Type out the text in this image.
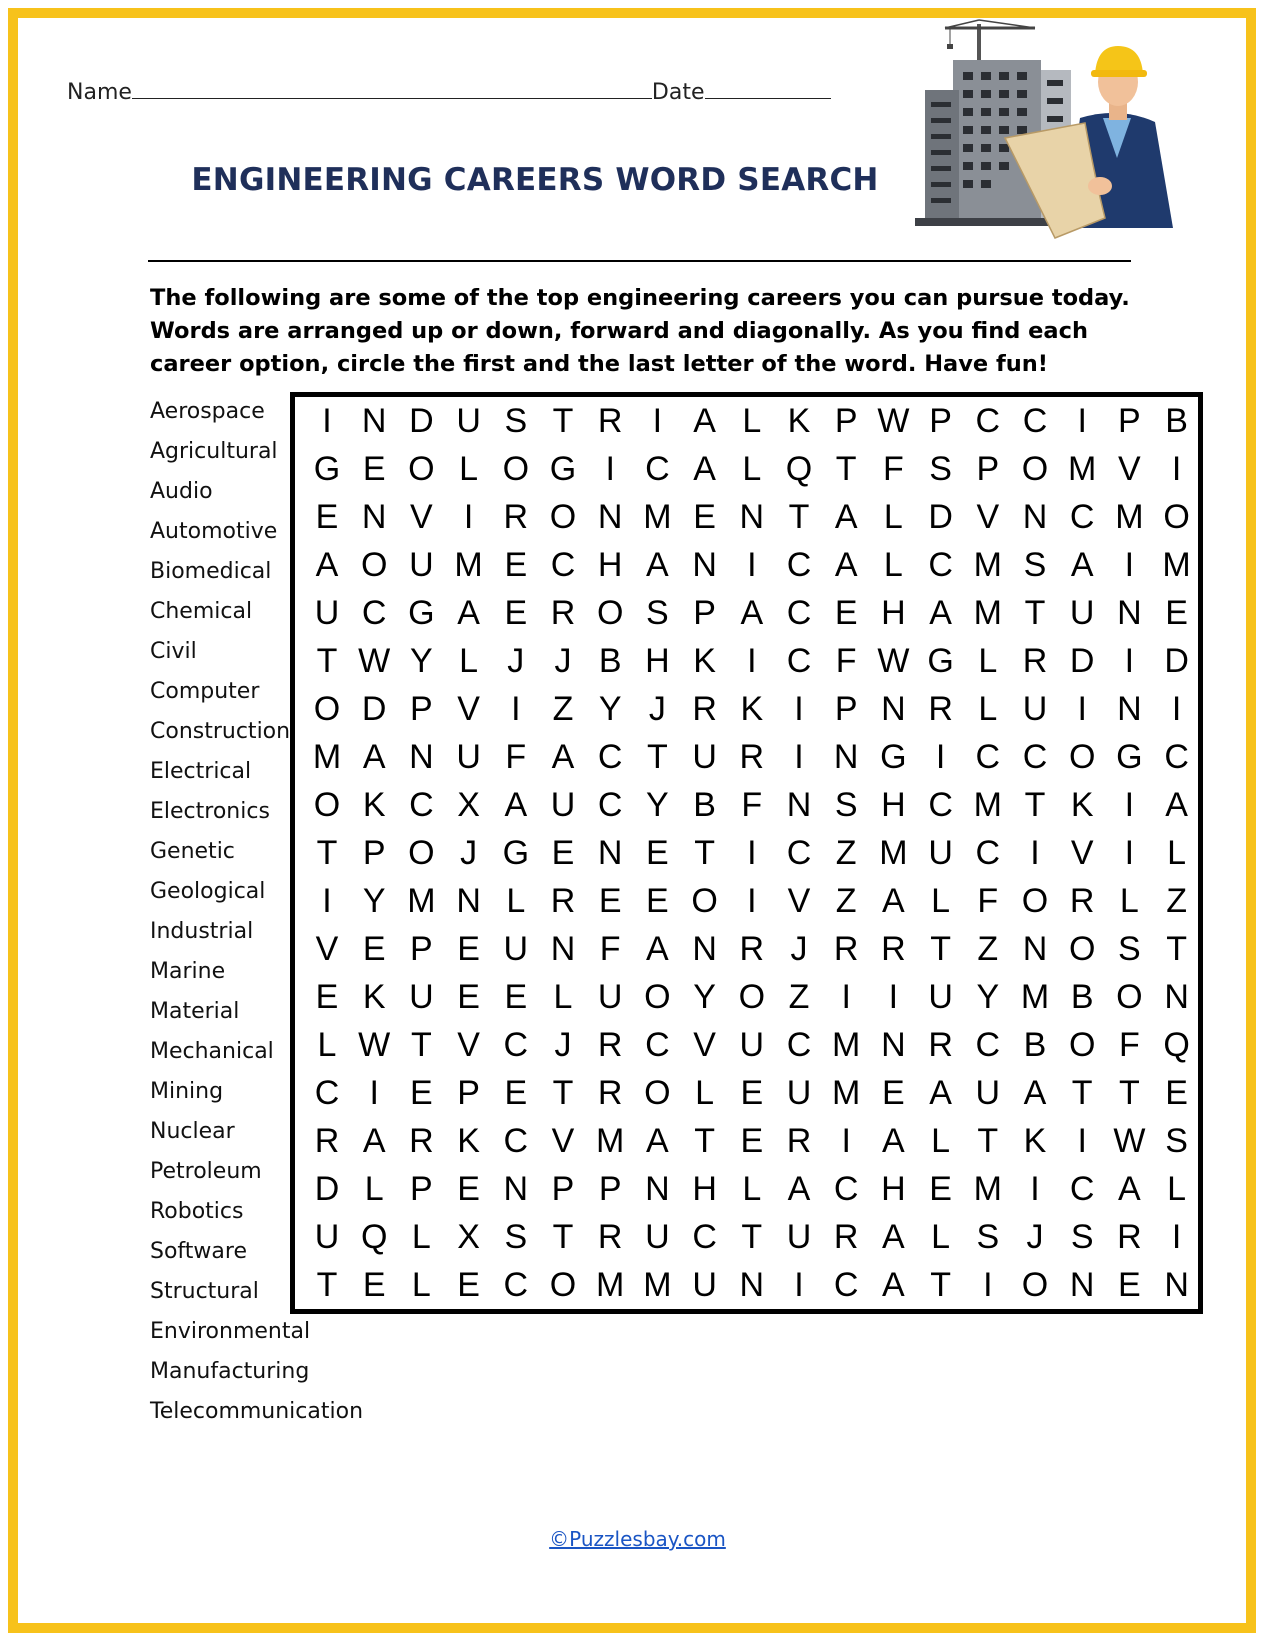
Name	Date
ENGINEERING CAREERS WORD SEARCH
The following are some of the top engineering careers you can pursue today. Words are arranged up or down, forward and diagonally. As you find each career option, circle the first and the last letter of the word. Have fun!
Aerospace
Agricultural
Audio
Automotive
Biomedical
Chemical
Civil
Computer
Construction
Electrical
Electronics
Genetic
Geological
Industrial
Marine
Material
Mechanical
Mining
Nuclear
Petroleum
Robotics
Software
Structural
Environmental
Manufacturing
Telecommunication
I N D U S T R I A L K P W P C C I P B
G E O L O G I C A L Q T F S P O M V I
E N V I R O N M E N T A L D V N C M O
A O U M E C H A N I C A L C M S A I M
U C G A E R O S P A C E H A M T U N E
T W Y L J J B H K I C F W G L R D I D
O D P V I Z Y J R K I P N R L U I N I
M A N U F A C T U R I N G I C C O G C
O K C X A U C Y B F N S H C M T K I A
T P O J G E N E T I C Z M U C I V I L
I Y M N L R E E O I V Z A L F O R L Z
V E P E U N F A N R J R R T Z N O S T
E K U E E L U O Y O Z I	I U Y M B O N
L W T V C J R C V U C M N R C B O F Q
C I E P E T R O L E U M E A U A T T E
R A R K C V M A T E R I A L T K I W S
D L P E N P P N H L A C H E M I C A L
U Q L X S T R U C T U R A L S J S R I
T E L E C O M M U N I C A T I O N E N
©Puzzlesbay.com
